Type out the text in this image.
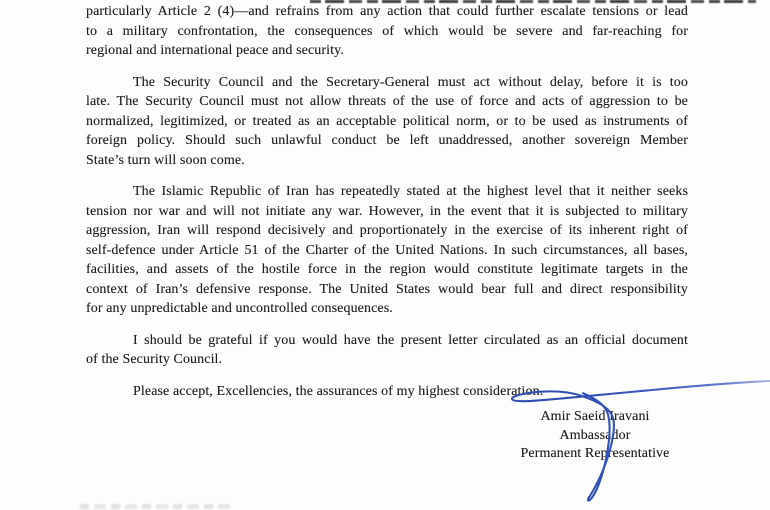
particularly Article 2 (4)—and refrains from any action that could further escalate tensions or lead
to a military confrontation, the consequences of which would be severe and far-reaching for
regional and international peace and security.
The Security Council and the Secretary-General must act without delay, before it is too
late. The Security Council must not allow threats of the use of force and acts of aggression to be
normalized, legitimized, or treated as an acceptable political norm, or to be used as instruments of
foreign policy. Should such unlawful conduct be left unaddressed, another sovereign Member
State’s turn will soon come.
The Islamic Republic of Iran has repeatedly stated at the highest level that it neither seeks
tension nor war and will not initiate any war. However, in the event that it is subjected to military
aggression, Iran will respond decisively and proportionately in the exercise of its inherent right of
self-defence under Article 51 of the Charter of the United Nations. In such circumstances, all bases,
facilities, and assets of the hostile force in the region would constitute legitimate targets in the
context of Iran’s defensive response. The United States would bear full and direct responsibility
for any unpredictable and uncontrolled consequences.
I should be grateful if you would have the present letter circulated as an official document
of the Security Council.
Please accept, Excellencies, the assurances of my highest consideration.
Amir Saeid Iravani
Ambassador
Permanent Representative
